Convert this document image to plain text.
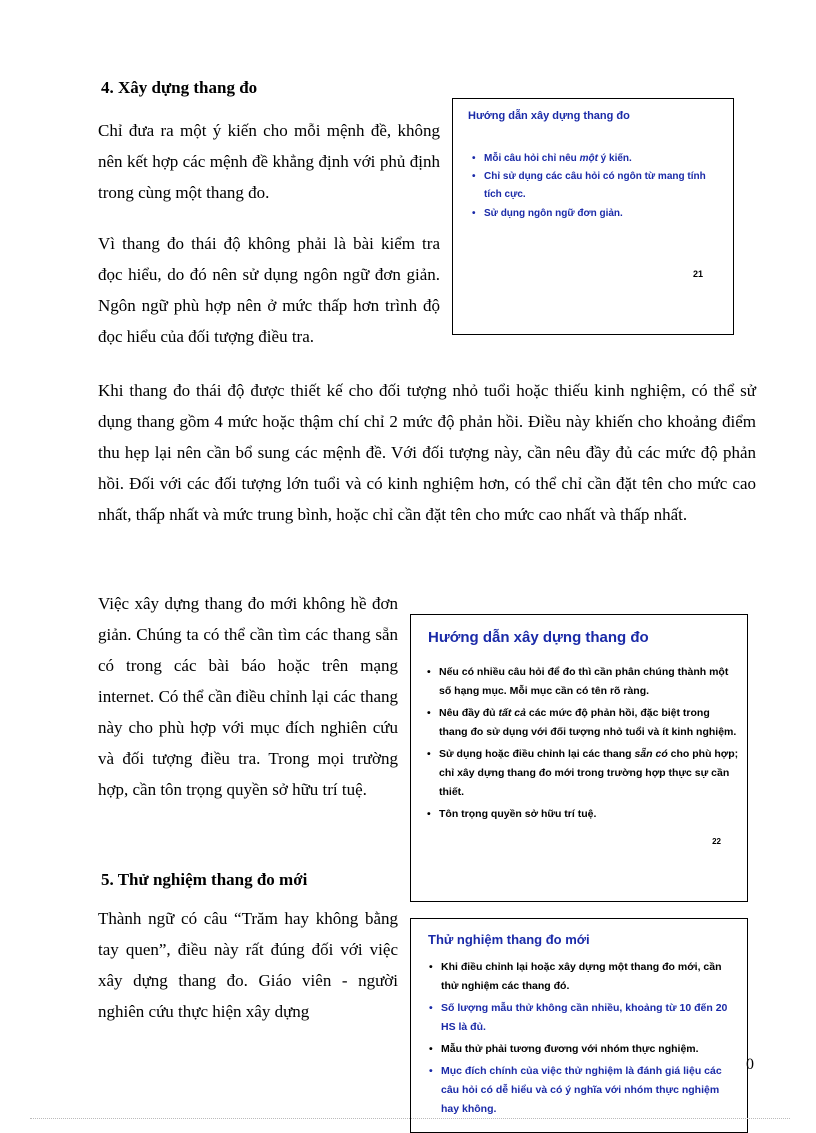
4. Xây dựng thang đo

Chỉ đưa ra một ý kiến cho mỗi mệnh đề, không nên kết hợp các mệnh đề khẳng định với phủ định trong cùng một thang đo.

Vì thang đo thái độ không phải là bài kiểm tra đọc hiểu, do đó nên sử dụng ngôn ngữ đơn giản. Ngôn ngữ phù hợp nên ở mức thấp hơn trình độ đọc hiểu của đối tượng điều tra.

Hướng dẫn xây dựng thang đo

• Mỗi câu hỏi chỉ nêu một ý kiến.
• Chỉ sử dụng các câu hỏi có ngôn từ mang tính tích cực.
• Sử dụng ngôn ngữ đơn giản.
21

Khi thang đo thái độ được thiết kế cho đối tượng nhỏ tuổi hoặc thiếu kinh nghiệm, có thể sử dụng thang gồm 4 mức hoặc thậm chí chỉ 2 mức độ phản hồi. Điều này khiến cho khoảng điểm thu hẹp lại nên cần bổ sung các mệnh đề. Với đối tượng này, cần nêu đầy đủ các mức độ phản hồi. Đối với các đối tượng lớn tuổi và có kinh nghiệm hơn, có thể chỉ cần đặt tên cho mức cao nhất, thấp nhất và mức trung bình, hoặc chỉ cần đặt tên cho mức cao nhất và thấp nhất.

Việc xây dựng thang đo mới không hề đơn giản. Chúng ta có thể cần tìm các thang sẵn có trong các bài báo hoặc trên mạng internet. Có thể cần điều chỉnh lại các thang này cho phù hợp với mục đích nghiên cứu và đối tượng điều tra. Trong mọi trường hợp, cần tôn trọng quyền sở hữu trí tuệ.

Hướng dẫn xây dựng thang đo

• Nếu có nhiều câu hỏi để đo thì cần phân chúng thành một số hạng mục. Mỗi mục cần có tên rõ ràng.
• Nêu đầy đủ tất cả các mức độ phản hồi, đặc biệt trong thang đo sử dụng với đối tượng nhỏ tuổi và ít kinh nghiệm.
• Sử dụng hoặc điều chỉnh lại các thang sẵn có cho phù hợp; chỉ xây dựng thang đo mới trong trường hợp thực sự cần thiết.
• Tôn trọng quyền sở hữu trí tuệ.
22

5. Thử nghiệm thang đo mới

Thành ngữ có câu “Trăm hay không bằng tay quen”, điều này rất đúng đối với việc xây dựng thang đo. Giáo viên - người nghiên cứu thực hiện xây dựng

Thử nghiệm thang đo mới

• Khi điều chỉnh lại hoặc xây dựng một thang đo mới, cần thử nghiệm các thang đó.
• Số lượng mẫu thử không cần nhiều, khoảng từ 10 đến 20 HS là đủ.
• Mẫu thử phải tương đương với nhóm thực nghiệm.
• Mục đích chính của việc thử nghiệm là đánh giá liệu các câu hỏi có dễ hiểu và có ý nghĩa với nhóm thực nghiệm hay không.
0
